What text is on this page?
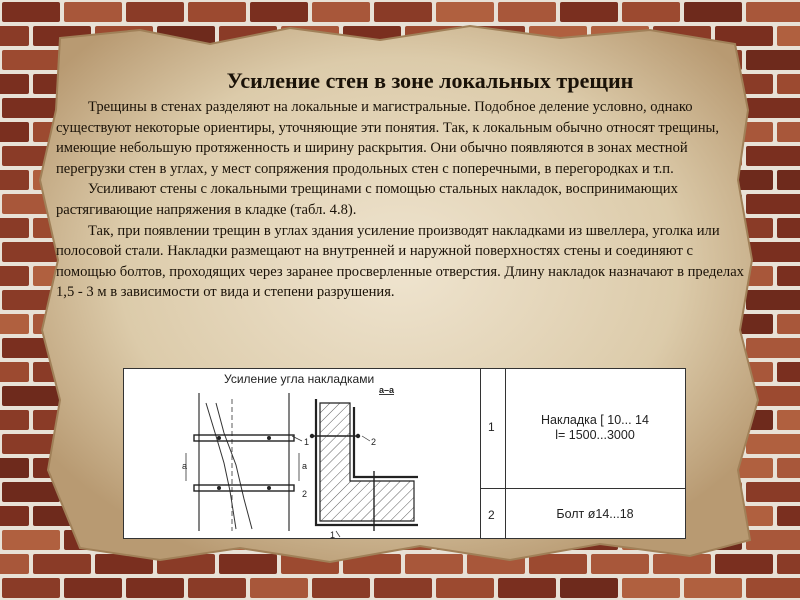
Усиление стен в зоне локальных трещин

Трещины в стенах разделяют на локальные и магистральные. Подобное деление условно, однако существуют некоторые ориентиры, уточняющие эти понятия. Так, к локальным обычно относят трещины, имеющие небольшую протяженность и ширину раскрытия. Они обычно появляются в зонах местной перегрузки стен в углах, у мест сопряжения продольных стен с поперечными, в перегородках и т.п.

Усиливают стены с локальными трещинами с помощью стальных накладок, воспринимающих растягивающие напряжения в кладке (табл. 4.8).

Так, при появлении трещин в углах здания усиление производят накладками из швеллера, уголка или полосовой стали. Накладки размещают на внутренней и наружной поверхностях стены и соединяют с помощью болтов, проходящих через заранее просверленные отверстия. Длину накладок назначают в пределах 1,5 - 3 м в зависимости от вида и степени разрушения.

Усиление угла накладками
а	а
1
2
а–а
2
1
1	Накладка [ 10... 14
l= 1500...3000
2	Болт ø14...18
